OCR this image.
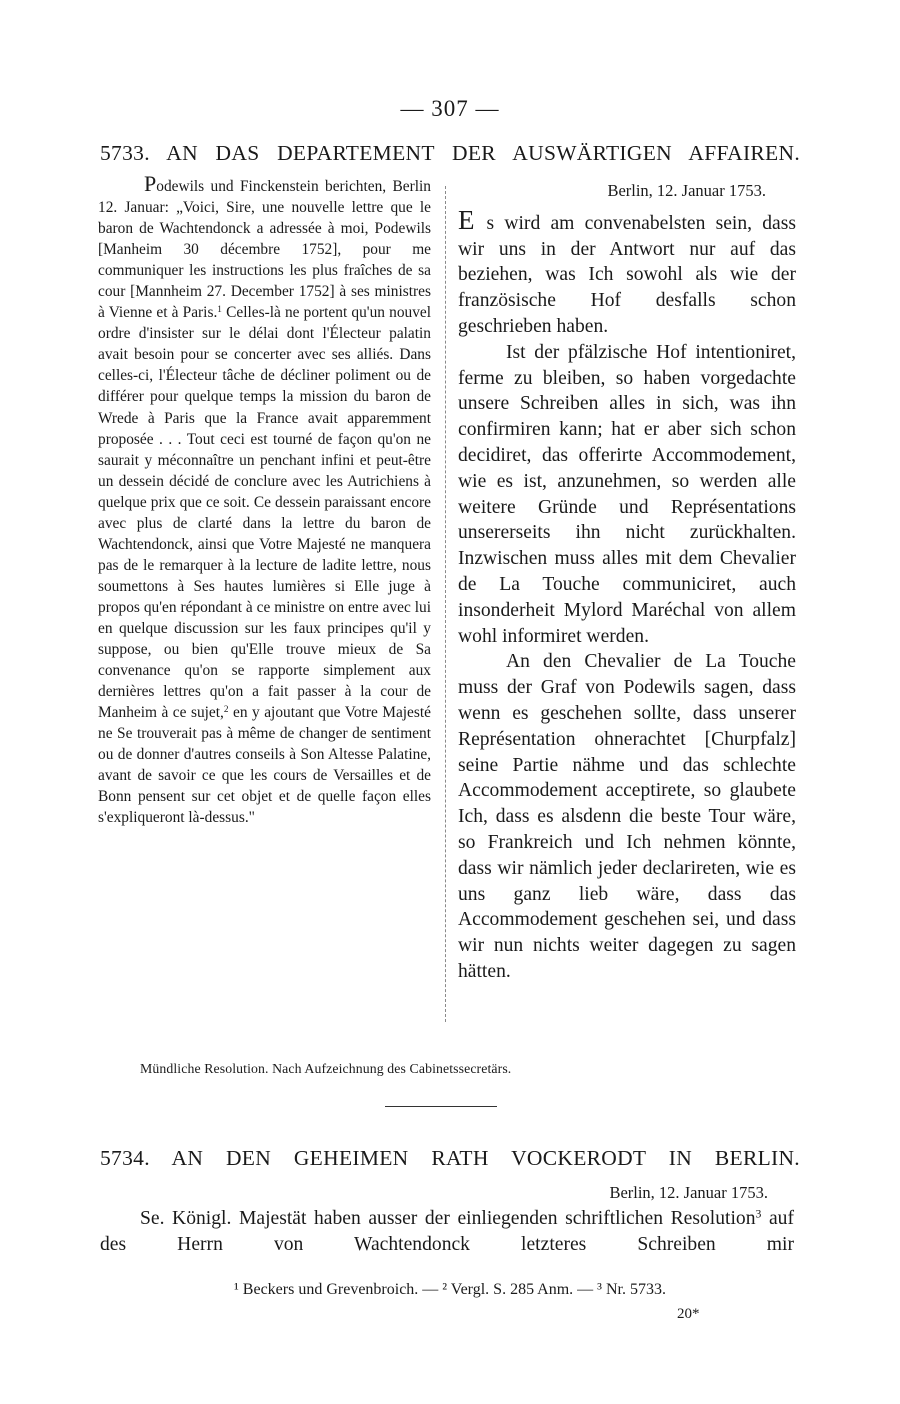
— 307 —
5733. AN DAS DEPARTEMENT DER AUSWÄRTIGEN AFFAIREN.

Podewils und Finckenstein berichten, Berlin 12. Januar: „Voici, Sire, une nouvelle lettre que le baron de Wachtendonck a adressée à moi, Podewils [Manheim 30 décembre 1752], pour me communiquer les instructions les plus fraîches de sa cour [Mannheim 27. December 1752] à ses ministres à Vienne et à Paris.$^1$ Celles-là ne portent qu'un nouvel ordre d'insister sur le délai dont l'Électeur palatin avait besoin pour se concerter avec ses alliés. Dans celles-ci, l'Électeur tâche de décliner poliment ou de différer pour quelque temps la mission du baron de Wrede à Paris que la France avait apparemment proposée . . . Tout ceci est tourné de façon qu'on ne saurait y méconnaître un penchant infini et peut-être un dessein décidé de conclure avec les Autrichiens à quelque prix que ce soit. Ce dessein paraissant encore avec plus de clarté dans la lettre du baron de Wachtendonck, ainsi que Votre Majesté ne manquera pas de le remarquer à la lecture de ladite lettre, nous soumettons à Ses hautes lumières si Elle juge à propos qu'en répondant à ce ministre on entre avec lui en quelque discussion sur les faux principes qu'il y suppose, ou bien qu'Elle trouve mieux de Sa convenance qu'on se rapporte simplement aux dernières lettres qu'on a fait passer à la cour de Manheim à ce sujet,$^2$ en y ajoutant que Votre Majesté ne Se trouverait pas à même de changer de sentiment ou de donner d'autres conseils à Son Altesse Palatine, avant de savoir ce que les cours de Versailles et de Bonn pensent sur cet objet et de quelle façon elles s'expliqueront là-dessus."

Berlin, 12. Januar 1753.

E s wird am convenabelsten sein, dass wir uns in der Antwort nur auf das beziehen, was Ich sowohl als wie der französische Hof desfalls schon geschrieben haben.

Ist der pfälzische Hof intentioniret, ferme zu bleiben, so haben vorgedachte unsere Schreiben alles in sich, was ihn confirmiren kann; hat er aber sich schon decidiret, das offerirte Accommodement, wie es ist, anzunehmen, so werden alle weitere Gründe und Représentations unsererseits ihn nicht zurückhalten. Inzwischen muss alles mit dem Chevalier de La Touche communiciret, auch insonderheit Mylord Maréchal von allem wohl informiret werden.

An den Chevalier de La Touche muss der Graf von Podewils sagen, dass wenn es geschehen sollte, dass unserer Représentation ohnerachtet [Churpfalz] seine Partie nähme und das schlechte Accommodement acceptirete, so glaubete Ich, dass es alsdenn die beste Tour wäre, so Frankreich und Ich nehmen könnte, dass wir nämlich jeder declarireten, wie es uns ganz lieb wäre, dass das Accommodement geschehen sei, und dass wir nun nichts weiter dagegen zu sagen hätten.

Mündliche Resolution. Nach Aufzeichnung des Cabinetssecretärs.
5734. AN DEN GEHEIMEN RATH VOCKERODT IN BERLIN.
Berlin, 12. Januar 1753.

Se. Königl. Majestät haben ausser der einliegenden schriftlichen Resolution$^3$ auf des Herrn von Wachtendonck letzteres Schreiben mir

¹ Beckers und Grevenbroich. — ² Vergl. S. 285 Anm. — ³ Nr. 5733.
20*
